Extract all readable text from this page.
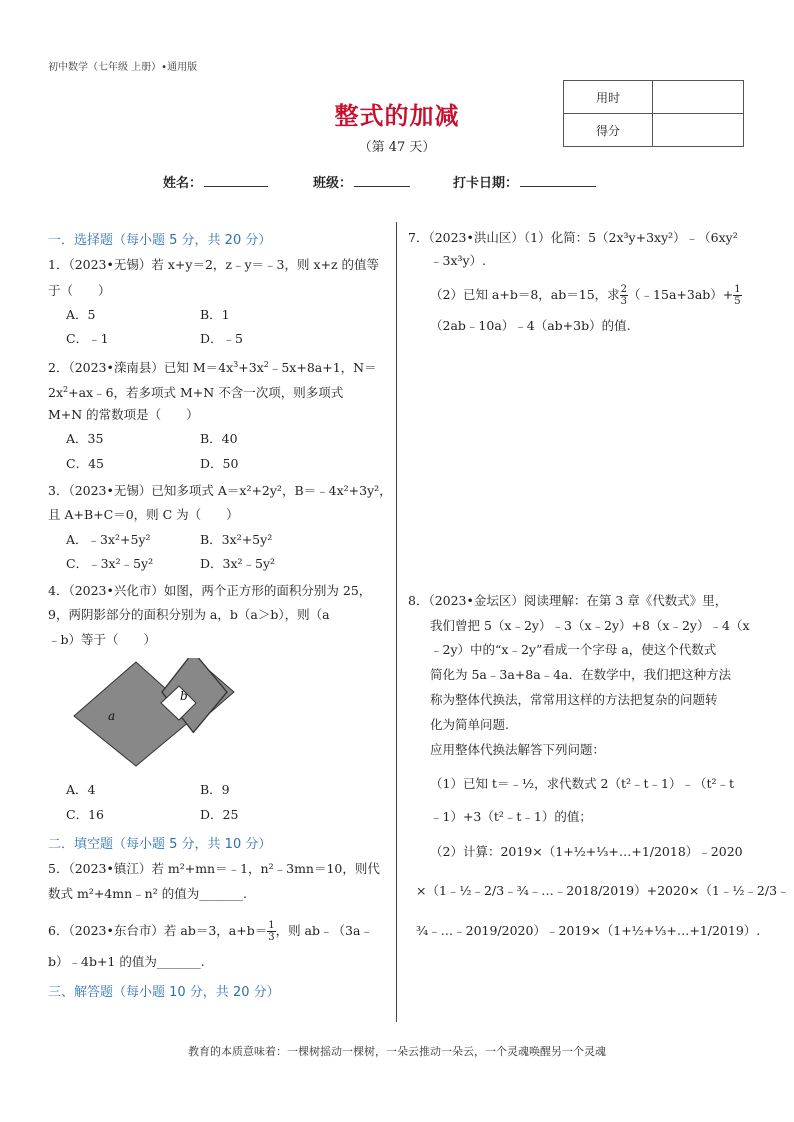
初中数学（七年级 上册）•通用版
整式的加减
（第 47 天）
用时	
得分	
姓名：	班级：	打卡日期：
一．选择题（每小题 5 分，共 20 分）
1．（2023•无锡）若 x+y＝2，z﹣y＝﹣3，则 x+z 的值等
于（　　）
A．5	B．1
C．﹣1	D．﹣5
2．（2023•滦南县）已知 $M=4x^3+3x^2﹣5x+8a+1$，N＝
$2x^2+ax﹣6$，若多项式 M+N 不含一次项，则多项式
M+N 的常数项是（　　）
A．35	B．40
C．45	D．50
3．（2023•无锡）已知多项式 A＝x²+2y²，B＝﹣4x²+3y²，
且 A+B+C＝0，则 C 为（　　）
A．﹣3x²+5y²	B．3x²+5y²
C．﹣3x²﹣5y²	D．3x²﹣5y²
4．（2023•兴化市）如图，两个正方形的面积分别为 25，
9，两阴影部分的面积分别为 a，b（a＞b），则（a
﹣b）等于（　　）
a
b
A．4	B．9
C．16	D．25
二．填空题（每小题 5 分，共 10 分）
5．（2023•镇江）若 m²+mn＝﹣1，n²﹣3mn＝10，则代
数式 m²+4mn﹣n² 的值为_______.
6．（2023•东台市）若 ab＝3，$a+b= \frac{1}{3}$ ，则 ab﹣（3a﹣
b）﹣4b+1 的值为_______.
三、解答题（每小题 10 分，共 20 分）
7．（2023•洪山区）（1）化简：5（2x³y+3xy²）﹣（6xy²
﹣3x³y）.
（2）已知 a+b＝8，ab＝15，求 $\frac{2}{3}$ （﹣15a+3ab）+ $\frac{1}{5}$
（2ab﹣10a）﹣4（ab+3b）的值.
8．（2023•金坛区）阅读理解：在第 3 章《代数式》里，
我们曾把 5（x﹣2y）﹣3（x﹣2y）+8（x﹣2y）﹣4（x
﹣2y）中的“x﹣2y”看成一个字母 a，使这个代数式
简化为 5a﹣3a+8a﹣4a．在数学中，我们把这种方法
称为整体代换法，常常用这样的方法把复杂的问题转
化为简单问题.
应用整体代换法解答下列问题：
（1）已知 t＝﹣½，求代数式 2（t²﹣t﹣1）﹣（t²﹣t
﹣1）+3（t²﹣t﹣1）的值；
（2）计算：2019×（1+½+⅓+…+1/2018）﹣2020
×（1﹣½﹣2/3﹣¾﹣…﹣2018/2019）+2020×（1﹣½﹣2/3﹣
¾﹣…﹣2019/2020）﹣2019×（1+½+⅓+…+1/2019）.
教育的本质意味着：一棵树摇动一棵树，一朵云推动一朵云，一个灵魂唤醒另一个灵魂
